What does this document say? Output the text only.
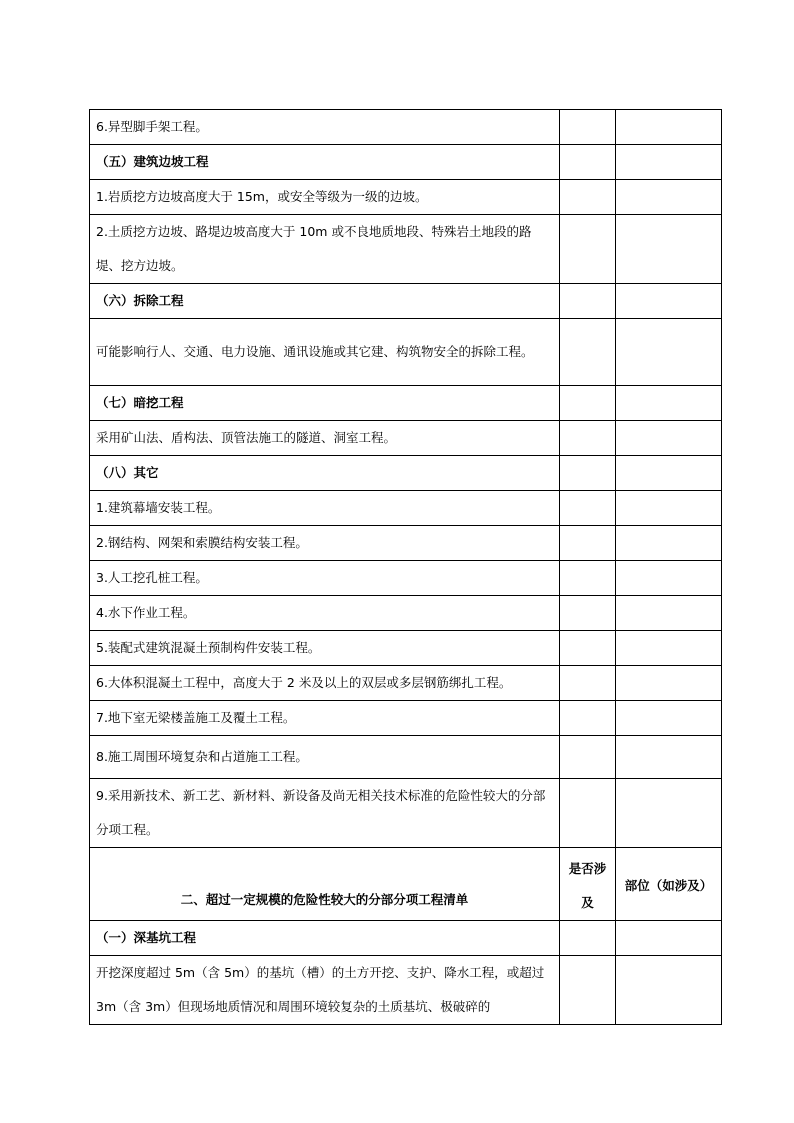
6.异型脚手架工程。		
（五）建筑边坡工程		
1.岩质挖方边坡高度大于 15m，或安全等级为一级的边坡。		
2.土质挖方边坡、路堤边坡高度大于 10m 或不良地质地段、特殊岩土地段的路堤、挖方边坡。		
（六）拆除工程		
可能影响行人、交通、电力设施、通讯设施或其它建、构筑物安全的拆除工程。		
（七）暗挖工程		
采用矿山法、盾构法、顶管法施工的隧道、洞室工程。		
（八）其它		
1.建筑幕墙安装工程。		
2.钢结构、网架和索膜结构安装工程。		
3.人工挖孔桩工程。		
4.水下作业工程。		
5.装配式建筑混凝土预制构件安装工程。		
6.大体积混凝土工程中，高度大于 2 米及以上的双层或多层钢筋绑扎工程。		
7.地下室无梁楼盖施工及覆土工程。		
8.施工周围环境复杂和占道施工工程。		
9.采用新技术、新工艺、新材料、新设备及尚无相关技术标准的危险性较大的分部分项工程。		
二、超过一定规模的危险性较大的分部分项工程清单	是否涉及	部位（如涉及）
（一）深基坑工程		
开挖深度超过 5m（含 5m）的基坑（槽）的土方开挖、支护、降水工程，或超过 3m（含 3m）但现场地质情况和周围环境较复杂的土质基坑、极破碎的		
